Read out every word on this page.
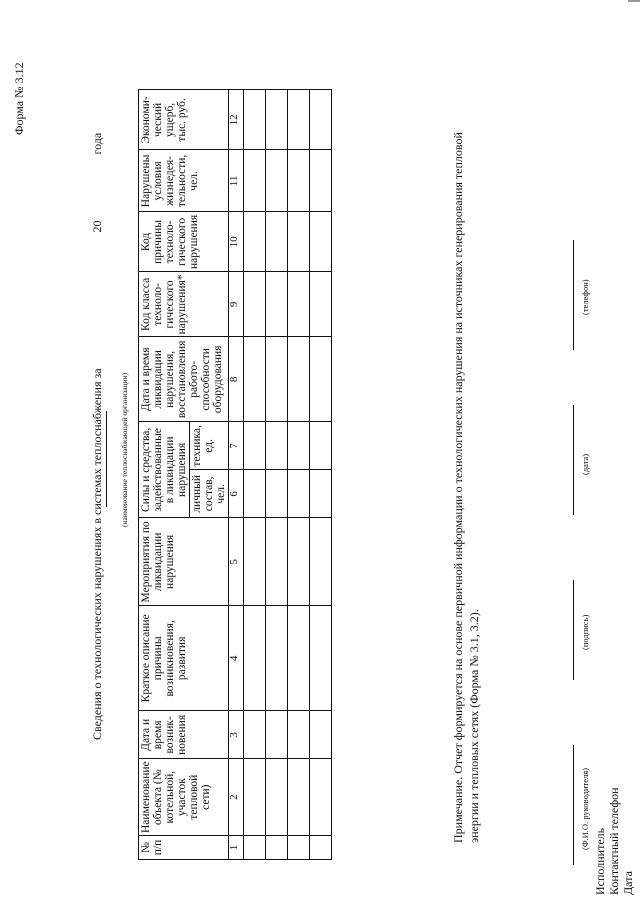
Форма № 3.12
Сведения о технологических нарушениях в системах теплоснабжения за  20  года
(наименование теплоснабжающей организации)
№ п/п	Наименование объекта (№ котельной, участок тепловой сети)	Дата и время возник-новения	Краткое описание причины возникновения, развития	Мероприятия по ликвидации нарушения	Силы и средства, задействованные в ликвидации нарушения		Дата и время ликвидации нарушения, восстановления работо-способности оборудования	Код класса техноло-гического нарушения*	Код причины техноло-гического нарушения	Нарушены условия жизнедея-тельности, чел.	Экономи-ческий ущерб, тыс. руб.
					личный состав, чел.	техника, ед.					
1	2	3	4	5	6	7	8	9	10	11	12

Примечание. Отчет формируется на основе первичной информации о технологических нарушения на источниках генерирования тепловой энергии и тепловых сетях (Форма № 3.1, 3.2).	(Ф.И.О. руководителя)
(подпись)
(дата)
(телефон)
Исполнитель Контактный телефон Дата
